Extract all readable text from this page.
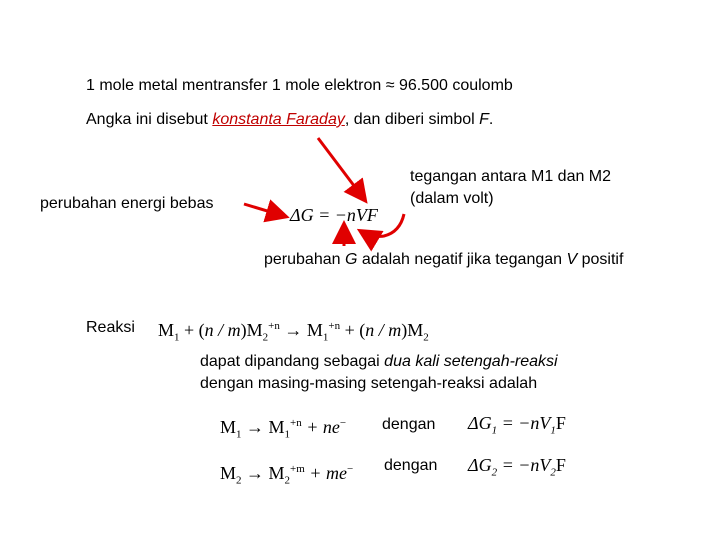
1 mole metal mentransfer 1 mole elektron ≈ 96.500 coulomb
Angka ini disebut konstanta Faraday, dan diberi simbol F.
tegangan antara M1 dan M2
(dalam volt)
perubahan energi bebas
ΔG = −nVF
perubahan G adalah negatif jika tegangan V positif
Reaksi $M_1 + (n / m)M_2^{+n} \to M_1^{+n} + (n / m)M_2$
dapat dipandang sebagai dua kali setengah-reaksi
dengan masing-masing setengah-reaksi adalah
$M_1 \to M_1^{+n} + ne^-$ dengan $\Delta G_1 = -nV_1F$
$M_2 \to M_2^{+m} + me^-$ dengan $\Delta G_2 = -nV_2F$
